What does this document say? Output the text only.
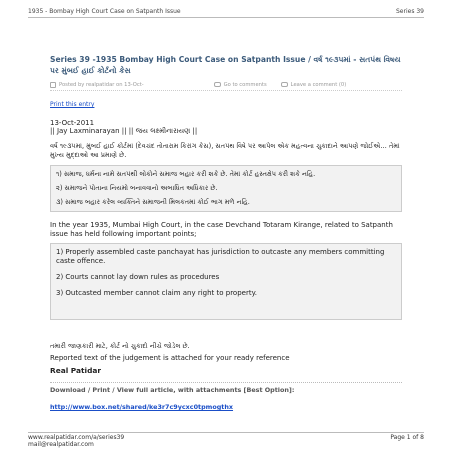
1935 - Bombay High Court Case on Satpanth Issue	Series 39
Series 39 -1935 Bombay High Court Case on Satpanth Issue / વર્ષ ૧૯૩૫માં - સતપંથ વિષય પર મુંબઈ હાઈ કોર્ટનો કેસ
Posted by realpatidar on 13-Oct-	Go to comments	Leave a comment (0)
Print this entry
13-Oct-2011
|| Jay Laxminarayan || || જય લક્ષ્મીનારાયણ ||
વર્ષ ૧૯૩૫માં, મુંબઈ હાઈ કોર્ટમાં (દેવચંદ તોતારામ કિરાંગ કેસ), સતપંથ વિષે પર આપેલ એક મહત્વના ચુકાદાને આપણે જોઈએ… તેમાં મુખ્ય મુદ્દાઓ આ પ્રમાણે છે.

૧) સમાજ, ધર્મના નામે સતપંથી લોકોને સમાજ બહાર કરી શકે છે. તેમાં કોર્ટ હસ્તક્ષેપ કરી શકે નહિ.

૨) સમાજને પોતાના નિયમો બનાવવાનો અબાધિત અધિકાર છે.

૩) સમાજ બહાર કરેલ વ્યક્તિને સમાજની મિલકતમાં કોઈ ભાગ મળે નહિ.

In the year 1935, Mumbai High Court, in the case Devchand Totaram Kirange, related to Satpanth issue has held following important points;

1) Properly assembled caste panchayat has jurisdiction to outcaste any members committing caste offence.

2) Courts cannot lay down rules as procedures

3) Outcasted member cannot claim any right to property.

તમારી જાણકારી માટે, કોર્ટ નો ચુકાદો નીચે જોડેલ છે.
Reported text of the judgement is attached for your ready reference
Real Patidar
Download / Print / View full article, with attachments [Best Option]:
http://www.box.net/shared/ke3r7c9ycxc0tpmogthx
www.realpatidar.com/a/series39
mail@realpatidar.com
Page 1 of 8
